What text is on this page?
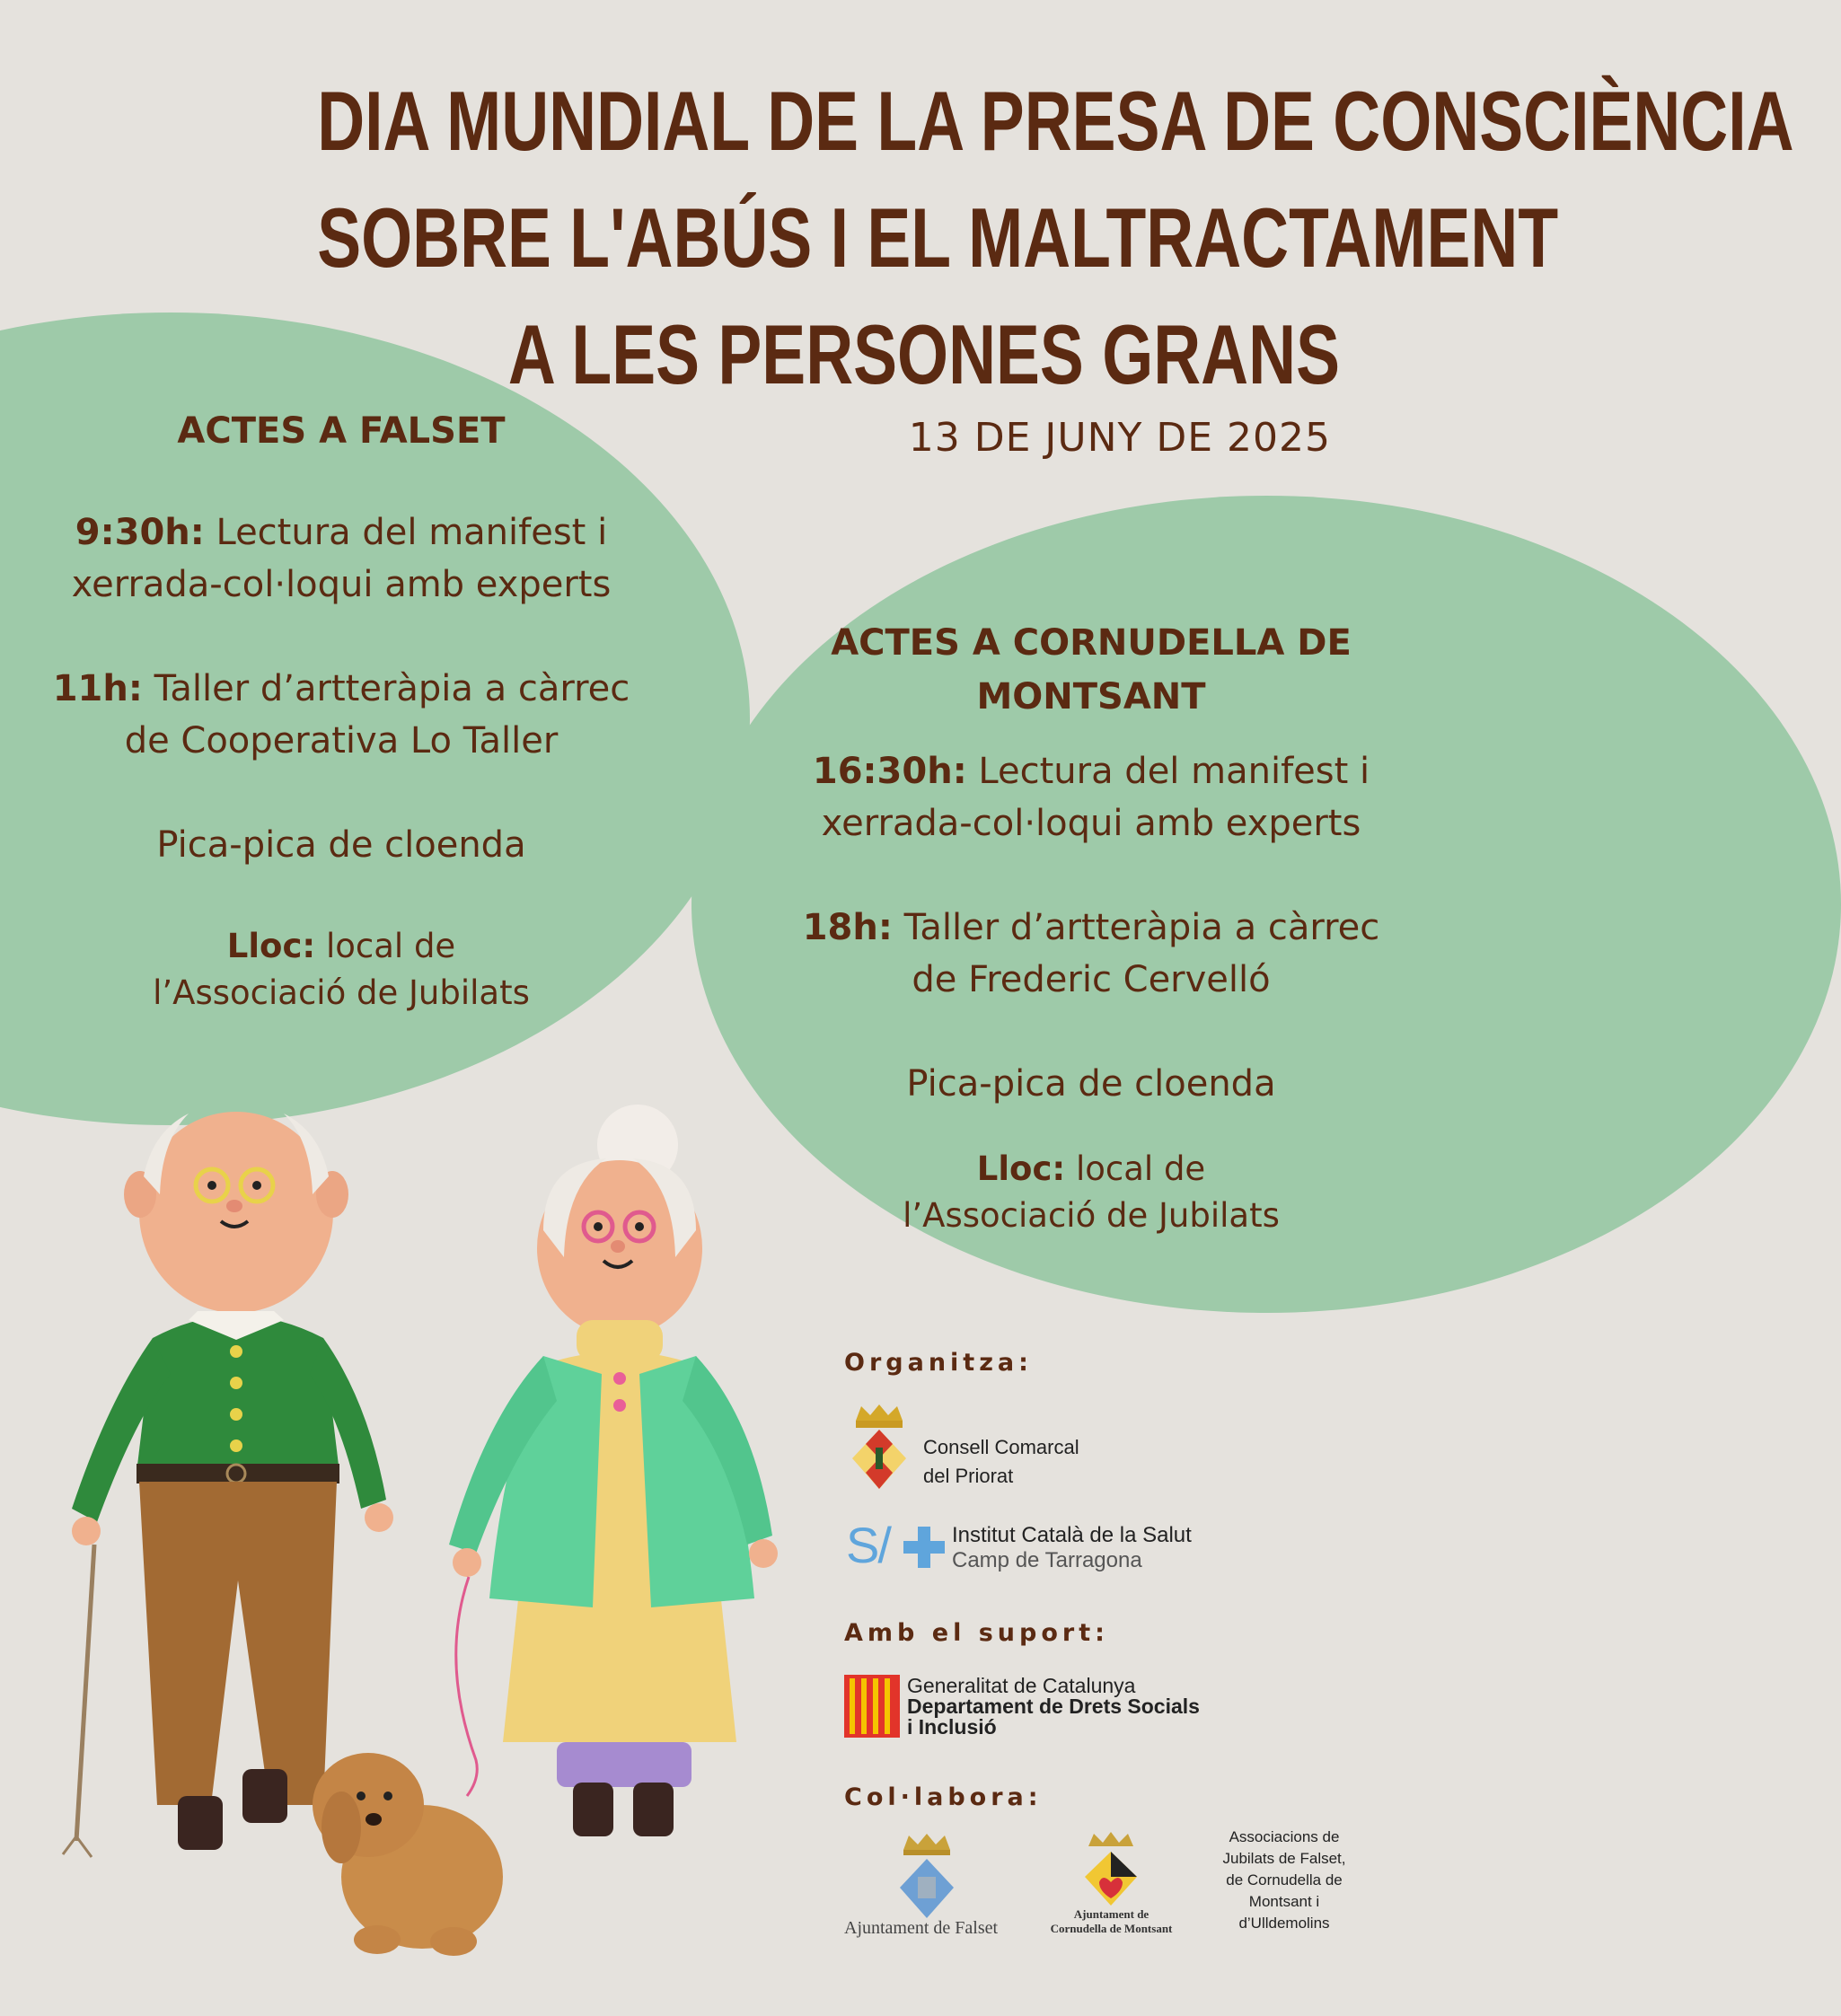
DIA MUNDIAL DE LA PRESA DE CONSCIÈNCIA
SOBRE L'ABÚS I EL MALTRACTAMENT
A LES PERSONES GRANS
13 DE JUNY DE 2025
ACTES A FALSET

9:30h: Lectura del manifest i
xerrada-col·loqui amb experts

11h: Taller d’artteràpia a càrrec
de Cooperativa Lo Taller

Pica-pica de cloenda

Lloc: local de
l’Associació de Jubilats

ACTES A CORNUDELLA DE
MONTSANT

16:30h: Lectura del manifest i
xerrada-col·loqui amb experts

18h: Taller d’artteràpia a càrrec
de Frederic Cervelló

Pica-pica de cloenda

Lloc: local de
l’Associació de Jubilats

Organitza:
Consell Comarcal
del Priorat
S/	Institut Català de la Salut
Camp de Tarragona
Amb el suport:
Generalitat de Catalunya
Departament de Drets Socials
i Inclusió
Col·labora:
Ajuntament de Falset
Ajuntament de
Cornudella de Montsant
Associacions de
Jubilats de Falset,
de Cornudella de
Montsant i
d’Ulldemolins
